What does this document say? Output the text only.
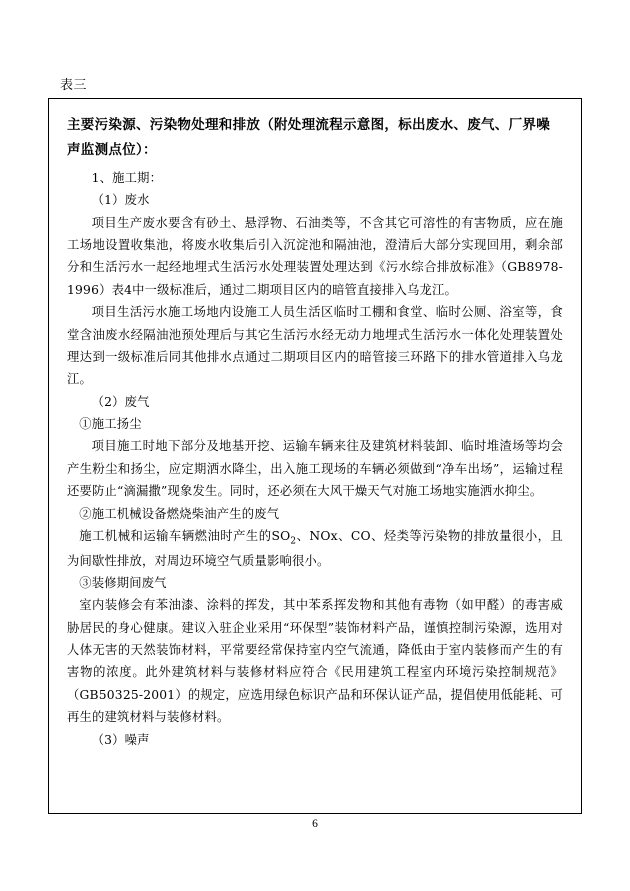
表三
主要污染源、污染物处理和排放（附处理流程示意图，标出废水、废气、厂界噪声监测点位）：

1、施工期：

（1）废水

项目生产废水要含有砂土、悬浮物、石油类等，不含其它可溶性的有害物质，应在施工场地设置收集池，将废水收集后引入沉淀池和隔油池，澄清后大部分实现回用，剩余部分和生活污水一起经地埋式生活污水处理装置处理达到《污水综合排放标准》（GB8978-1996）表4中一级标准后，通过二期项目区内的暗管直接排入乌龙江。

项目生活污水施工场地内设施工人员生活区临时工棚和食堂、临时公厕、浴室等，食堂含油废水经隔油池预处理后与其它生活污水经无动力地埋式生活污水一体化处理装置处理达到一级标准后同其他排水点通过二期项目区内的暗管接三环路下的排水管道排入乌龙江。

（2）废气

①施工扬尘

项目施工时地下部分及地基开挖、运输车辆来往及建筑材料装卸、临时堆渣场等均会产生粉尘和扬尘，应定期洒水降尘，出入施工现场的车辆必须做到“净车出场”，运输过程还要防止“滴漏撒”现象发生。同时，还必须在大风干燥天气对施工场地实施洒水抑尘。

②施工机械设备燃烧柴油产生的废气

施工机械和运输车辆燃油时产生的$SO_2$、NOx、CO、烃类等污染物的排放量很小，且为间歇性排放，对周边环境空气质量影响很小。

③装修期间废气

室内装修会有苯油漆、涂料的挥发，其中苯系挥发物和其他有毒物（如甲醛）的毒害威胁居民的身心健康。建议入驻企业采用“环保型”装饰材料产品，谨慎控制污染源，选用对人体无害的天然装饰材料，平常要经常保持室内空气流通，降低由于室内装修而产生的有害物的浓度。此外建筑材料与装修材料应符合《民用建筑工程室内环境污染控制规范》（GB50325-2001）的规定，应选用绿色标识产品和环保认证产品，提倡使用低能耗、可再生的建筑材料与装修材料。

（3）噪声

6
